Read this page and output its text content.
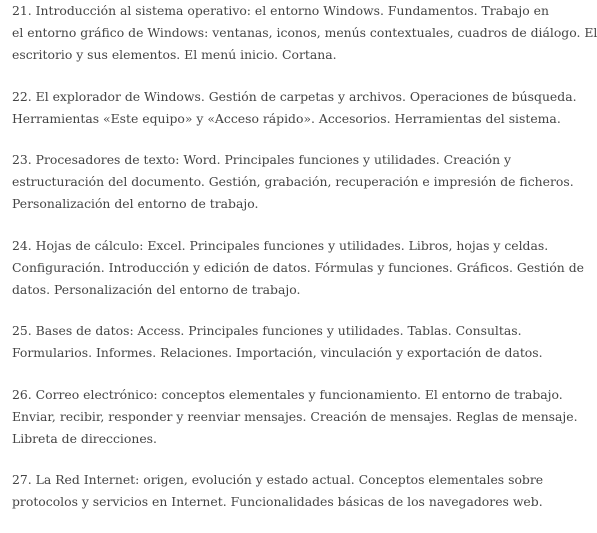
21. Introducción al sistema operativo: el entorno Windows. Fundamentos. Trabajo en
el entorno gráfico de Windows: ventanas, iconos, menús contextuales, cuadros de diálogo. El
escritorio y sus elementos. El menú inicio. Cortana.

22. El explorador de Windows. Gestión de carpetas y archivos. Operaciones de búsqueda.
Herramientas «Este equipo» y «Acceso rápido». Accesorios. Herramientas del sistema.

23. Procesadores de texto: Word. Principales funciones y utilidades. Creación y
estructuración del documento. Gestión, grabación, recuperación e impresión de ficheros.
Personalización del entorno de trabajo.

24. Hojas de cálculo: Excel. Principales funciones y utilidades. Libros, hojas y celdas.
Configuración. Introducción y edición de datos. Fórmulas y funciones. Gráficos. Gestión de
datos. Personalización del entorno de trabajo.

25. Bases de datos: Access. Principales funciones y utilidades. Tablas. Consultas.
Formularios. Informes. Relaciones. Importación, vinculación y exportación de datos.

26. Correo electrónico: conceptos elementales y funcionamiento. El entorno de trabajo.
Enviar, recibir, responder y reenviar mensajes. Creación de mensajes. Reglas de mensaje.
Libreta de direcciones.

27. La Red Internet: origen, evolución y estado actual. Conceptos elementales sobre
protocolos y servicios en Internet. Funcionalidades básicas de los navegadores web.
